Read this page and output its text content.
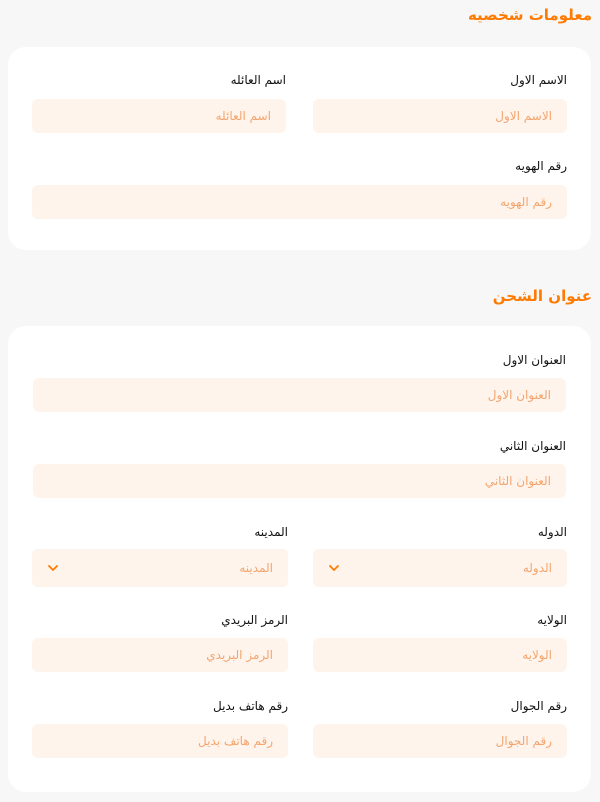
معلومات شخصيه
الاسم الاول
الاسم الاول
اسم العائله
اسم العائله
رقم الهويه
رقم الهويه
عنوان الشحن
العنوان الاول
العنوان الاول
العنوان الثاني
العنوان الثاني
الدوله
الدوله
المدينه
المدينه
الولايه
الولايه
الرمز البريدي
الرمز البريدي
رقم الجوال
رقم الجوال
رقم هاتف بديل
رقم هاتف بديل
